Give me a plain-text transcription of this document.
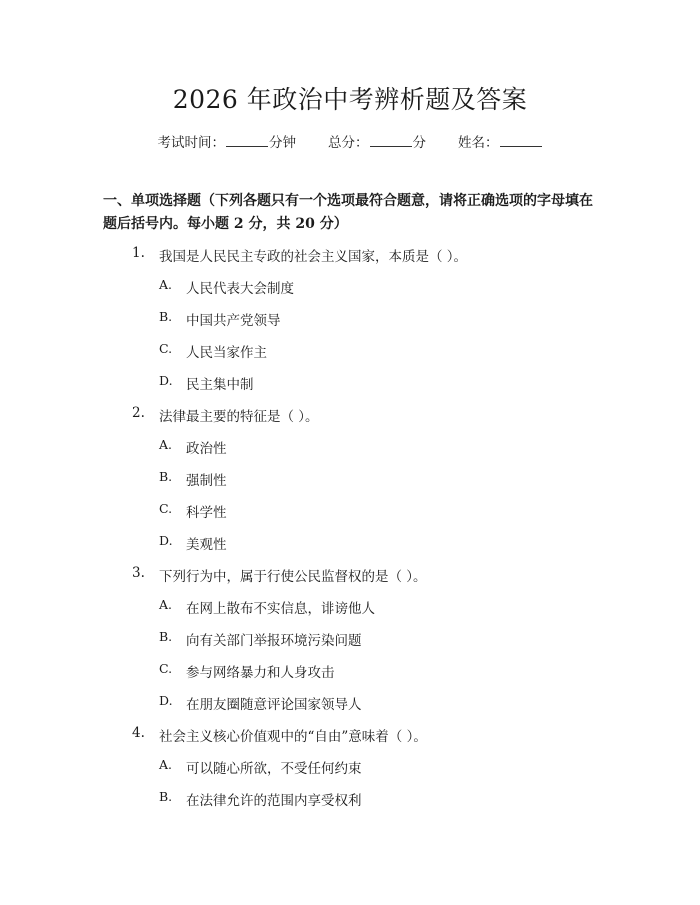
2026 年政治中考辨析题及答案
考试时间：	分钟 总分：	分 姓名：
一、单项选择题（下列各题只有一个选项最符合题意，请将正确选项的字母填在
题后括号内。每小题 2 分，共 20 分）
1. 我国是人民民主专政的社会主义国家，本质是（ ）。
A. 人民代表大会制度
B. 中国共产党领导
C. 人民当家作主
D. 民主集中制
2. 法律最主要的特征是（ ）。
A. 政治性
B. 强制性
C. 科学性
D. 美观性
3. 下列行为中，属于行使公民监督权的是（ ）。
A. 在网上散布不实信息，诽谤他人
B. 向有关部门举报环境污染问题
C. 参与网络暴力和人身攻击
D. 在朋友圈随意评论国家领导人
4. 社会主义核心价值观中的“自由”意味着（ ）。
A. 可以随心所欲，不受任何约束
B. 在法律允许的范围内享受权利
